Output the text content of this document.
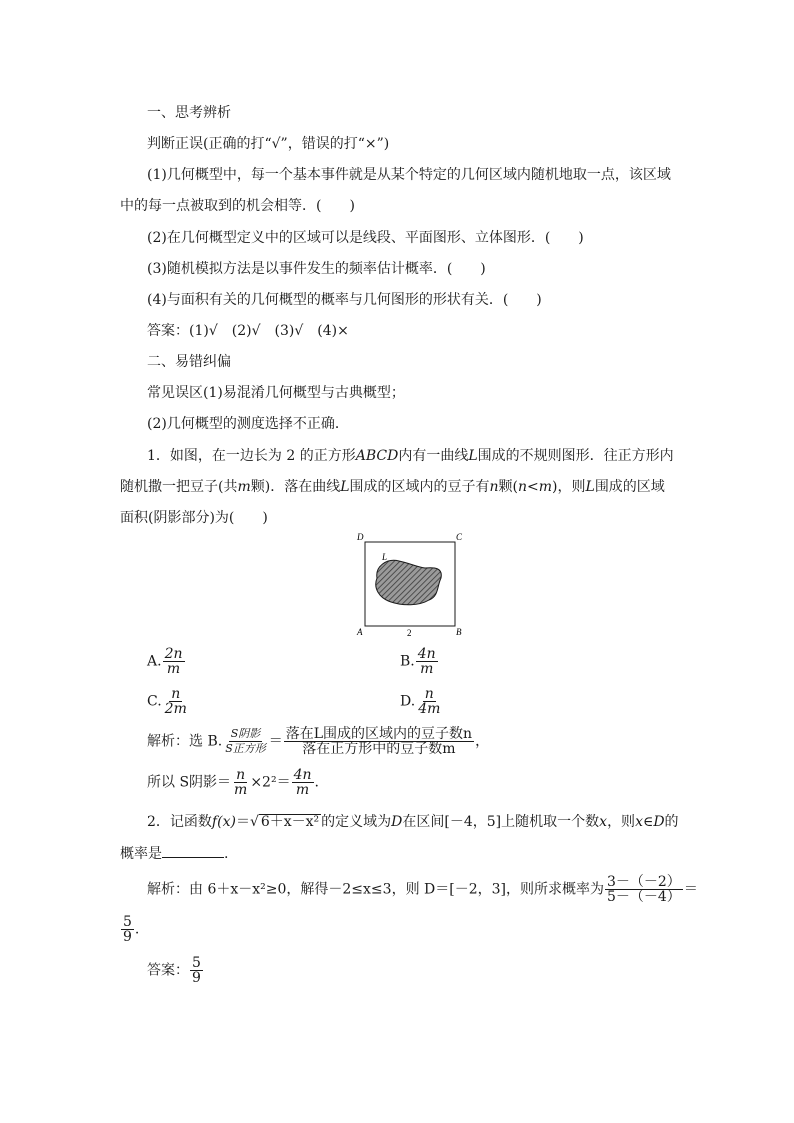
一、思考辨析
判断正误(正确的打“√”，错误的打“×”)
(1)几何概型中，每一个基本事件就是从某个特定的几何区域内随机地取一点，该区域
中的每一点被取到的机会相等．(　　)
(2)在几何概型定义中的区域可以是线段、平面图形、立体图形．(　　)
(3)随机模拟方法是以事件发生的频率估计概率．(　　)
(4)与面积有关的几何概型的概率与几何图形的形状有关．(　　)
答案：(1)√　(2)√　(3)√　(4)×
二、易错纠偏
常见误区(1)易混淆几何概型与古典概型；
(2)几何概型的测度选择不正确．
1．如图，在一边长为 2 的正方形ABCD内有一曲线L围成的不规则图形．往正方形内
随机撒一把豆子(共m颗)．落在曲线L围成的区域内的豆子有n颗(n<m)，则L围成的区域
面积(阴影部分)为(　　)
D	C
A	B
L
2
A. $\frac{2n}{m}$	B. $\frac{4n}{m}$
C. $\frac{n}{2m}$	D. $\frac{n}{4m}$
解析：选 B. $\frac{\text{S阴影}}{\text{S正方形}} = \frac{\text{落在L围成的区域内的豆子数n}}{\text{落在正方形中的豆子数m}}$ ，
所以 S阴影＝ $\frac{n}{m} \times 2^2= \frac{4n}{m}$ .
2．记函数f(x)＝√ 6＋x－x² 的定义域为D在区间[－4，5]上随机取一个数x，则x∈D的
概率是	.
解析：由 6＋x－x²≥0，解得－2≤x≤3，则 D＝[－2，3]，则所求概率为 $\frac{3-(-2)}{5-(-4)}$ ＝
$\frac{5}{9}$ .
答案： $\frac{5}{9}$
